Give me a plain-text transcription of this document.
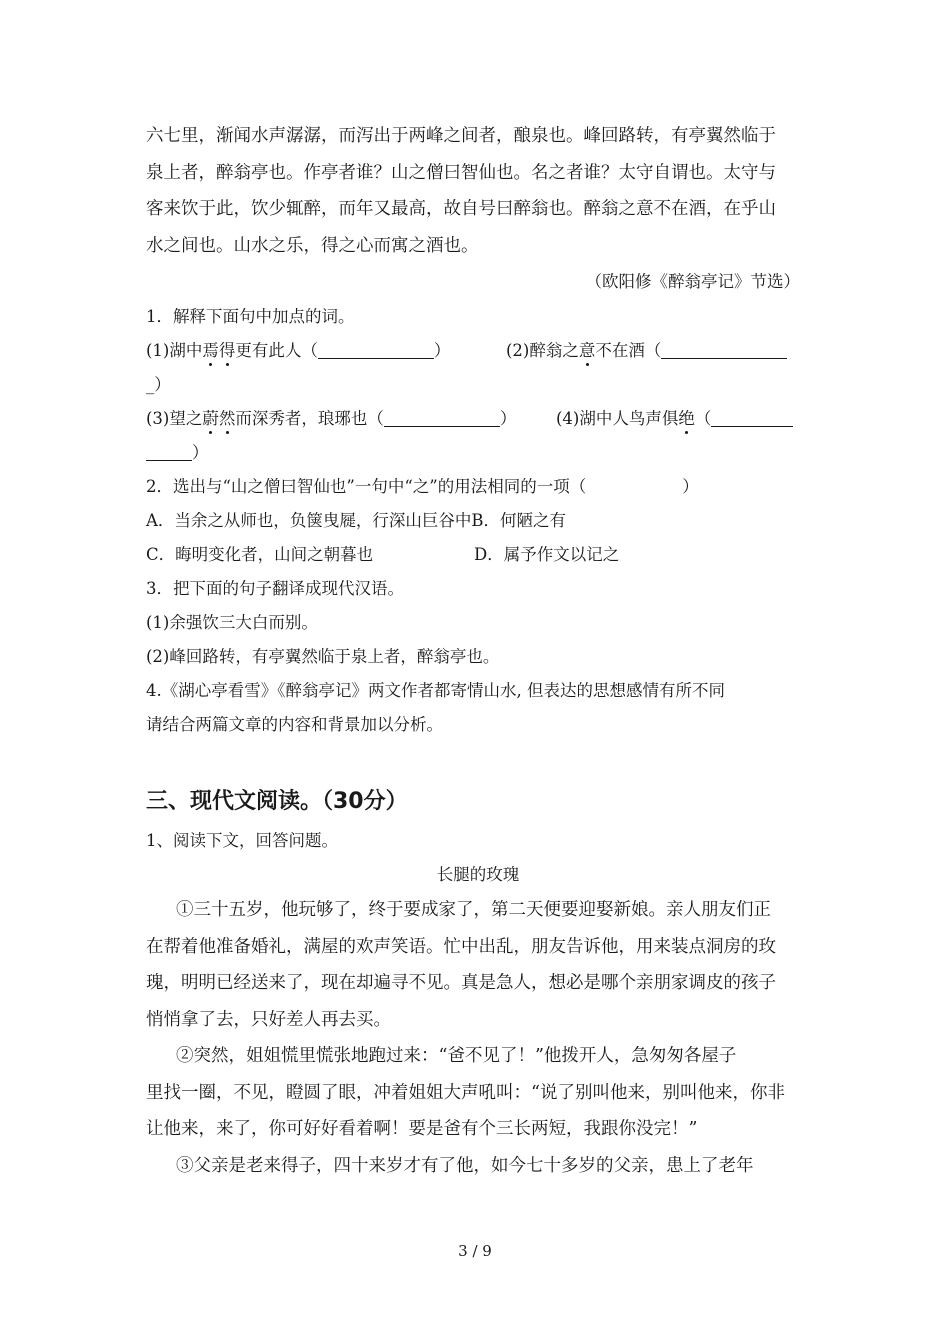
六七里，渐闻水声潺潺，而泻出于两峰之间者，酿泉也。峰回路转，有亭翼然临于
泉上者，醉翁亭也。作亭者谁？山之僧曰智仙也。名之者谁？太守自谓也。太守与
客来饮于此，饮少辄醉，而年又最高，故自号曰醉翁也。醉翁之意不在酒，在乎山
水之间也。山水之乐，得之心而寓之酒也。
（欧阳修《醉翁亭记》节选）
1．解释下面句中加点的词。
(1)湖中焉得更有此人（	）	(2)醉翁之意不在酒（
_）
(3)望之蔚然而深秀者，琅琊也（	） (4)湖中人鸟声俱绝（
）
2．选出与“山之僧曰智仙也”一句中“之”的用法相同的一项（	）
A．当余之从师也，负箧曳屣，行深山巨谷中B．何陋之有
C．晦明变化者，山间之朝暮也	D．属予作文以记之
3．把下面的句子翻译成现代汉语。
(1)余强饮三大白而别。
(2)峰回路转，有亭翼然临于泉上者，醉翁亭也。
4.《湖心亭看雪》《醉翁亭记》两文作者都寄情山水, 但表达的思想感情有所不同
请结合两篇文章的内容和背景加以分析。
三、现代文阅读。（30分）
1、阅读下文，回答问题。
长腿的玫瑰
①三十五岁，他玩够了，终于要成家了，第二天便要迎娶新娘。亲人朋友们正
在帮着他准备婚礼，满屋的欢声笑语。忙中出乱，朋友告诉他，用来装点洞房的玫
瑰，明明已经送来了，现在却遍寻不见。真是急人，想必是哪个亲朋家调皮的孩子
悄悄拿了去，只好差人再去买。
②突然，姐姐慌里慌张地跑过来：“爸不见了！”他拨开人，急匆匆各屋子
里找一圈，不见，瞪圆了眼，冲着姐姐大声吼叫：“说了别叫他来，别叫他来，你非
让他来，来了，你可好好看着啊！要是爸有个三长两短，我跟你没完！”
③父亲是老来得子，四十来岁才有了他，如今七十多岁的父亲，患上了老年
3 / 9
